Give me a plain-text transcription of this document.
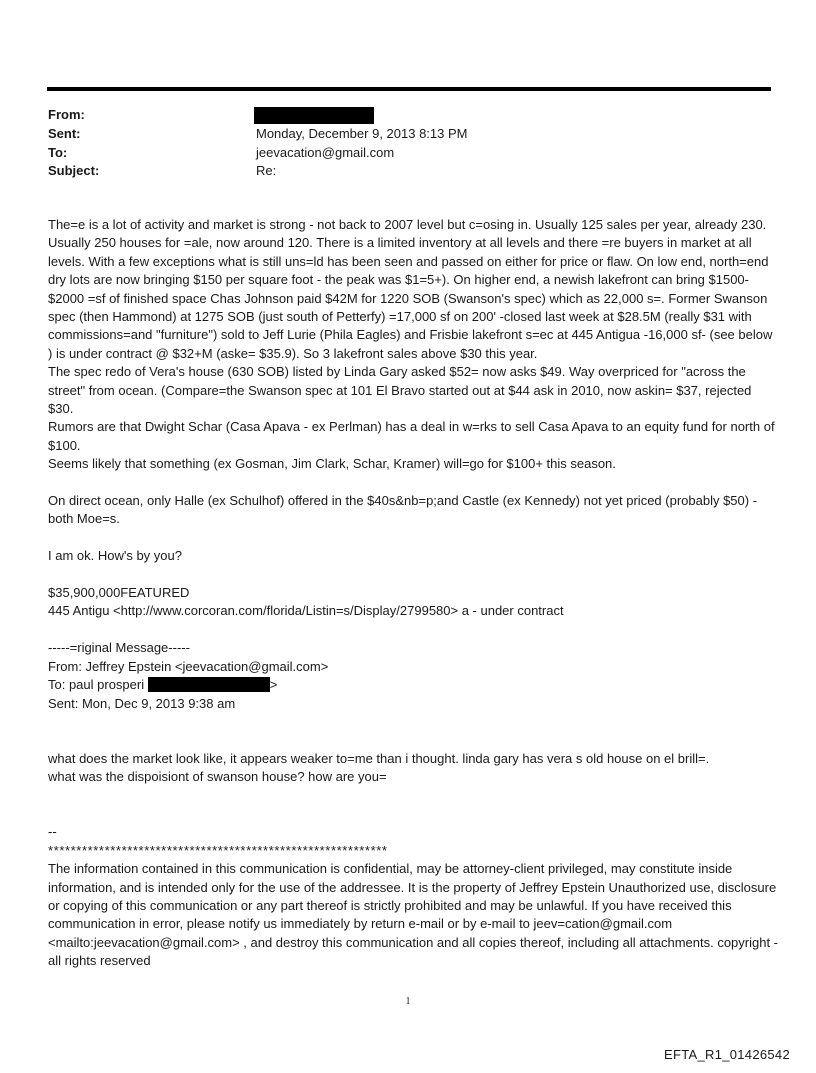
From:
Sent:	Monday, December 9, 2013 8:13 PM
To:	jeevacation@gmail.com
Subject:	Re:

The=e is a lot of activity and market is strong - not back to 2007 level but c=osing in. Usually 125 sales per year, already 230. Usually 250 houses for =ale, now around 120. There is a limited inventory at all levels and there =re buyers in market at all levels. With a few exceptions what is still uns=ld has been seen and passed on either for price or flaw. On low end, north=end dry lots are now bringing $150 per square foot - the peak was $1=5+). On higher end, a newish lakefront can bring $1500- $2000 =sf of finished space Chas Johnson paid $42M for 1220 SOB (Swanson's spec) which as 22,000 s=. Former Swanson spec (then Hammond) at 1275 SOB (just south of Petterfy) =17,000 sf on 200' -closed last week at $28.5M (really $31 with commissions=and "furniture") sold to Jeff Lurie (Phila Eagles) and Frisbie lakefront s=ec at 445 Antigua -16,000 sf- (see below ) is under contract @ $32+M (aske= $35.9). So 3 lakefront sales above $30 this year.

The spec redo of Vera's house (630 SOB) listed by Linda Gary asked $52= now asks $49. Way overpriced for "across the street" from ocean. (Compare=the Swanson spec at 101 El Bravo started out at $44 ask in 2010, now askin= $37, rejected $30.

Rumors are that Dwight Schar (Casa Apava - ex Perlman) has a deal in w=rks to sell Casa Apava to an equity fund for north of $100.

Seems likely that something (ex Gosman, Jim Clark, Schar, Kramer) will=go for $100+ this season.

On direct ocean, only Halle (ex Schulhof) offered in the $40s&nb=p;and Castle (ex Kennedy) not yet priced (probably $50) - both Moe=s.

I am ok. How's by you?

$35,900,000FEATURED

445 Antigu <http://www.corcoran.com/florida/Listin=s/Display/2799580> a - under contract

-----=riginal Message-----

From: Jeffrey Epstein <jeevacation@gmail.com>

To: paul prosperi	>

Sent: Mon, Dec 9, 2013 9:38 am

what does the market look like, it appears weaker to=me than i thought. linda gary has vera s old house on el brill=.

what was the dispoisiont of swanson house? how are you=

--

************************************************************

The information contained in this communication is confidential, may be attorney-client privileged, may constitute inside information, and is intended only for the use of the addressee. It is the property of Jeffrey Epstein Unauthorized use, disclosure or copying of this communication or any part thereof is strictly prohibited and may be unlawful. If you have received this communication in error, please notify us immediately by return e-mail or by e-mail to jeev=cation@gmail.com <mailto:jeevacation@gmail.com> , and destroy this communication and all copies thereof, including all attachments. copyright -all rights reserved

1
EFTA_R1_01426542
